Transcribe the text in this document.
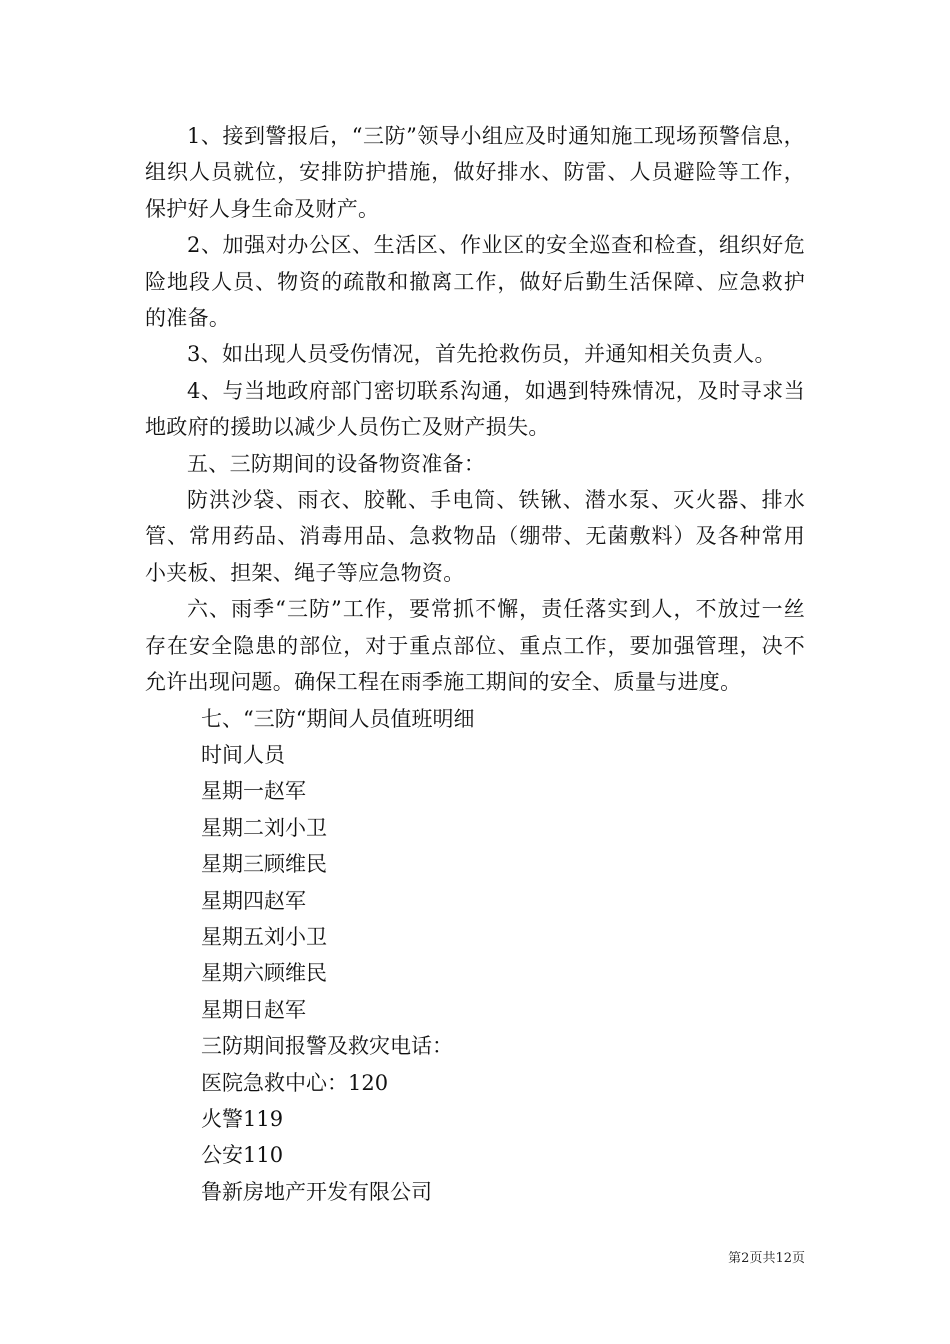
1、接到警报后，“三防”领导小组应及时通知施工现场预警信息，组织人员就位，安排防护措施，做好排水、防雷、人员避险等工作，保护好人身生命及财产。

2、加强对办公区、生活区、作业区的安全巡查和检查，组织好危险地段人员、物资的疏散和撤离工作，做好后勤生活保障、应急救护的准备。

3、如出现人员受伤情况，首先抢救伤员，并通知相关负责人。

4、与当地政府部门密切联系沟通，如遇到特殊情况，及时寻求当地政府的援助以减少人员伤亡及财产损失。

五、三防期间的设备物资准备：

防洪沙袋、雨衣、胶靴、手电筒、铁锹、潜水泵、灭火器、排水管、常用药品、消毒用品、急救物品（绷带、无菌敷料）及各种常用小夹板、担架、绳子等应急物资。

六、雨季“三防”工作，要常抓不懈，责任落实到人，不放过一丝存在安全隐患的部位，对于重点部位、重点工作，要加强管理，决不允许出现问题。确保工程在雨季施工期间的安全、质量与进度。

七、“三防“期间人员值班明细

时间人员

星期一赵军

星期二刘小卫

星期三顾维民

星期四赵军

星期五刘小卫

星期六顾维民

星期日赵军

三防期间报警及救灾电话：

医院急救中心：120

火警119

公安110

鲁新房地产开发有限公司

第2页共12页
